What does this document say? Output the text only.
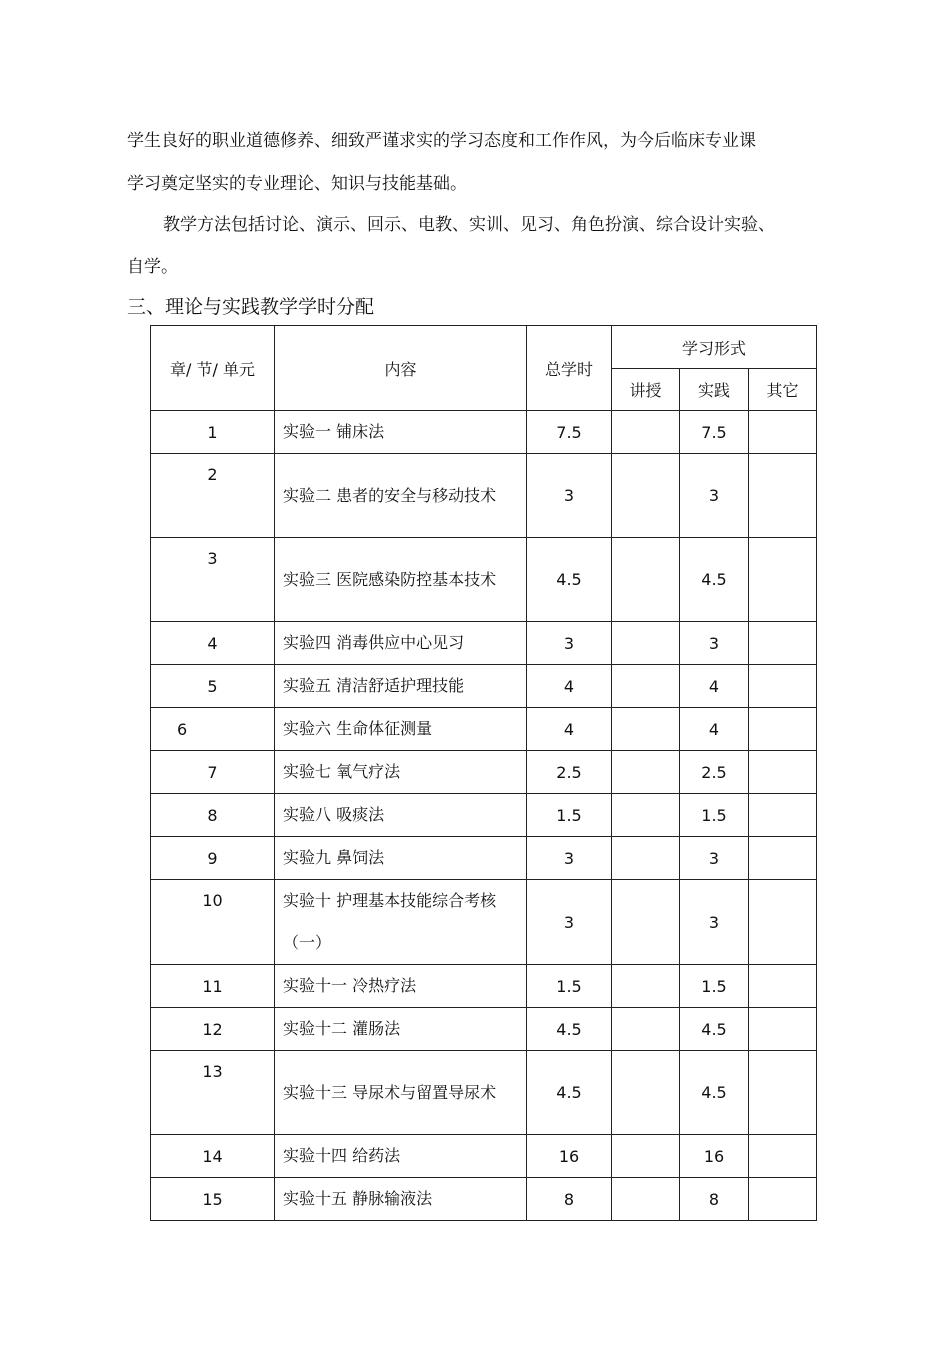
学生良好的职业道德修养、细致严谨求实的学习态度和工作作风，为今后临床专业课
学习奠定坚实的专业理论、知识与技能基础。
教学方法包括讨论、演示、回示、电教、实训、见习、角色扮演、综合设计实验、
自学。
三、理论与实践教学学时分配
章/ 节/ 单元	内容	总学时	学习形式		
			讲授	实践	其它
1	实验一 铺床法	7.5		7.5	
2	实验二 患者的安全与移动技术	3		3	
3	实验三 医院感染防控基本技术	4.5		4.5	
4	实验四 消毒供应中心见习	3		3	
5	实验五 清洁舒适护理技能	4		4	
6	实验六 生命体征测量	4		4	
7	实验七 氧气疗法	2.5		2.5	
8	实验八 吸痰法	1.5		1.5	
9	实验九 鼻饲法	3		3	
10	实验十 护理基本技能综合考核（一）	3		3	
11	实验十一 冷热疗法	1.5		1.5	
12	实验十二 灌肠法	4.5		4.5	
13	实验十三 导尿术与留置导尿术	4.5		4.5	
14	实验十四 给药法	16		16	
15	实验十五 静脉输液法	8		8	
